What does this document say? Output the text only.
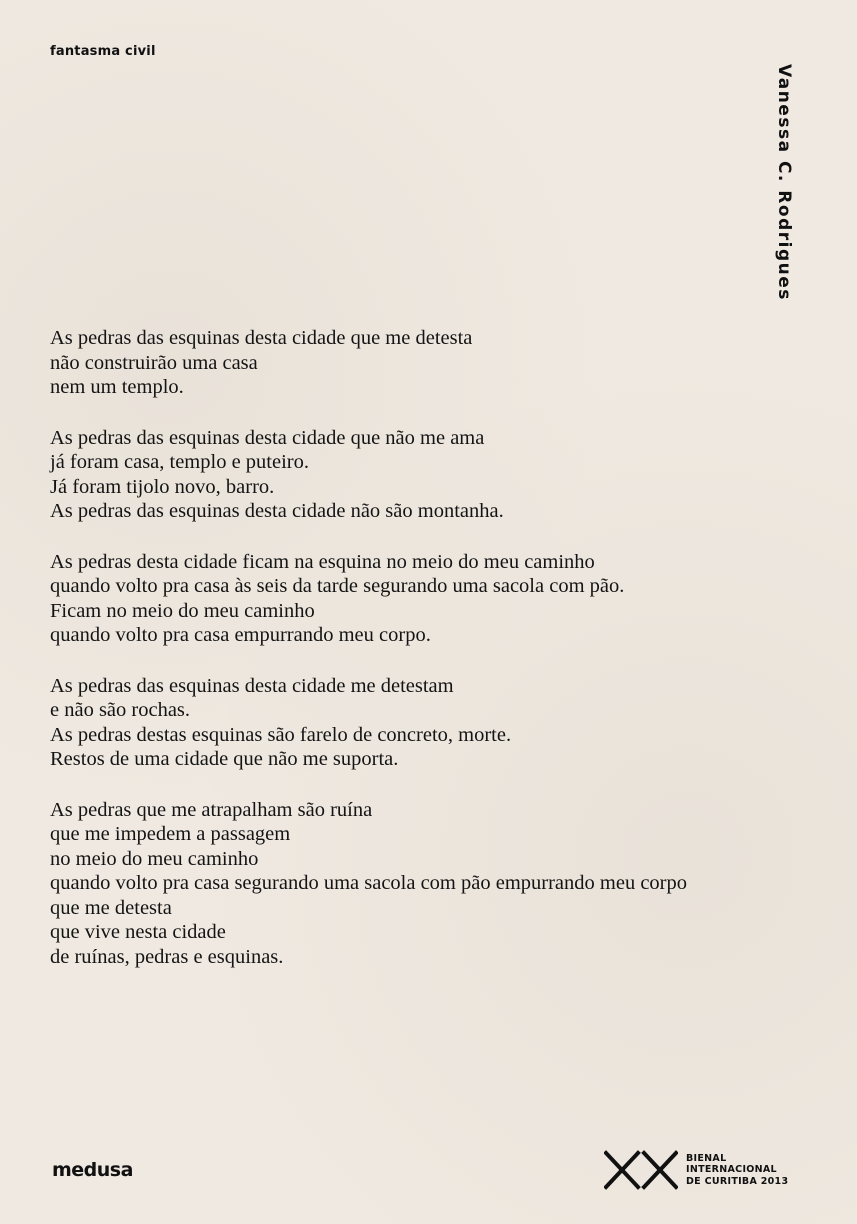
fantasma civil
Vanessa C. Rodrigues
As pedras das esquinas desta cidade que me detesta
não construirão uma casa
nem um templo.
As pedras das esquinas desta cidade que não me ama
já foram casa, templo e puteiro.
Já foram tijolo novo, barro.
As pedras das esquinas desta cidade não são montanha.
As pedras desta cidade ficam na esquina no meio do meu caminho
quando volto pra casa às seis da tarde segurando uma sacola com pão.
Ficam no meio do meu caminho
quando volto pra casa empurrando meu corpo.
As pedras das esquinas desta cidade me detestam
e não são rochas.
As pedras destas esquinas são farelo de concreto, morte.
Restos de uma cidade que não me suporta.
As pedras que me atrapalham são ruína
que me impedem a passagem
no meio do meu caminho
quando volto pra casa segurando uma sacola com pão empurrando meu corpo
que me detesta
que vive nesta cidade
de ruínas, pedras e esquinas.
medusa
BIENAL
INTERNACIONAL
DE CURITIBA 2013
